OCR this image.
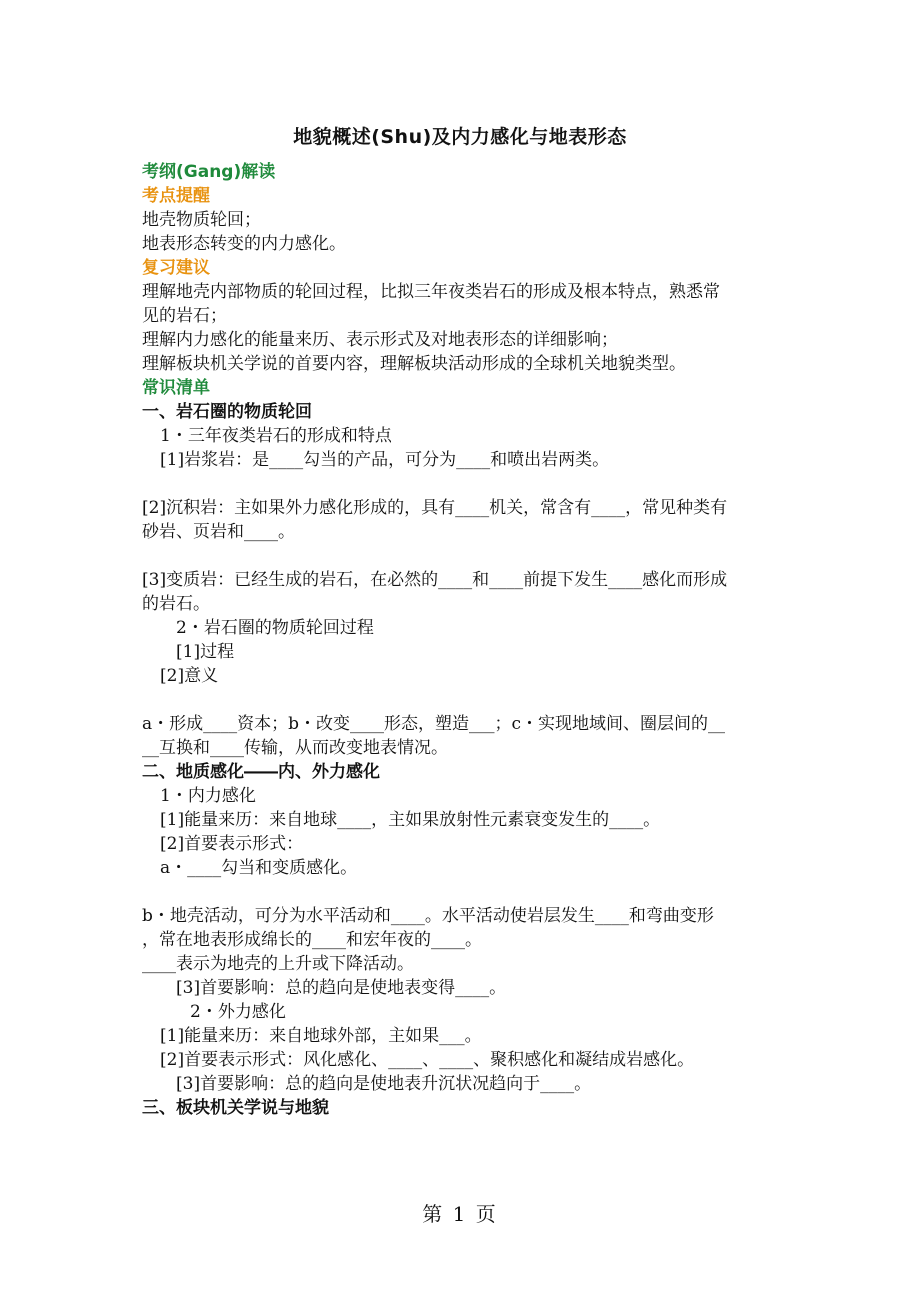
地貌概述(Shu)及内力感化与地表形态
考纲(Gang)解读
考点提醒
地壳物质轮回；
地表形态转变的内力感化。
复习建议
理解地壳内部物质的轮回过程，比拟三年夜类岩石的形成及根本特点，熟悉常
见的岩石；
理解内力感化的能量来历、表示形式及对地表形态的详细影响；
理解板块机关学说的首要内容，理解板块活动形成的全球机关地貌类型。
常识清单
一、岩石圈的物质轮回
1・三年夜类岩石的形成和特点
[1]岩浆岩：是____勾当的产品，可分为____和喷出岩两类。
[2]沉积岩：主如果外力感化形成的，具有____机关，常含有____，常见种类有
砂岩、页岩和____。
[3]变质岩：已经生成的岩石，在必然的____和____前提下发生____感化而形成
的岩石。
2・岩石圈的物质轮回过程
[1]过程
[2]意义
a・形成____资本；b・改变____形态，塑造___；c・实现地域间、圈层间的__
__互换和____传输，从而改变地表情况。
二、地质感化――内、外力感化
1・内力感化
[1]能量来历：来自地球____，主如果放射性元素衰变发生的____。
[2]首要表示形式：
a・____勾当和变质感化。
b・地壳活动，可分为水平活动和____。水平活动使岩层发生____和弯曲变形
，常在地表形成绵长的____和宏年夜的____。
____表示为地壳的上升或下降活动。
[3]首要影响：总的趋向是使地表变得____。
2・外力感化
[1]能量来历：来自地球外部，主如果___。
[2]首要表示形式：风化感化、____、____、聚积感化和凝结成岩感化。
[3]首要影响：总的趋向是使地表升沉状况趋向于____。
三、板块机关学说与地貌
第 1 页
